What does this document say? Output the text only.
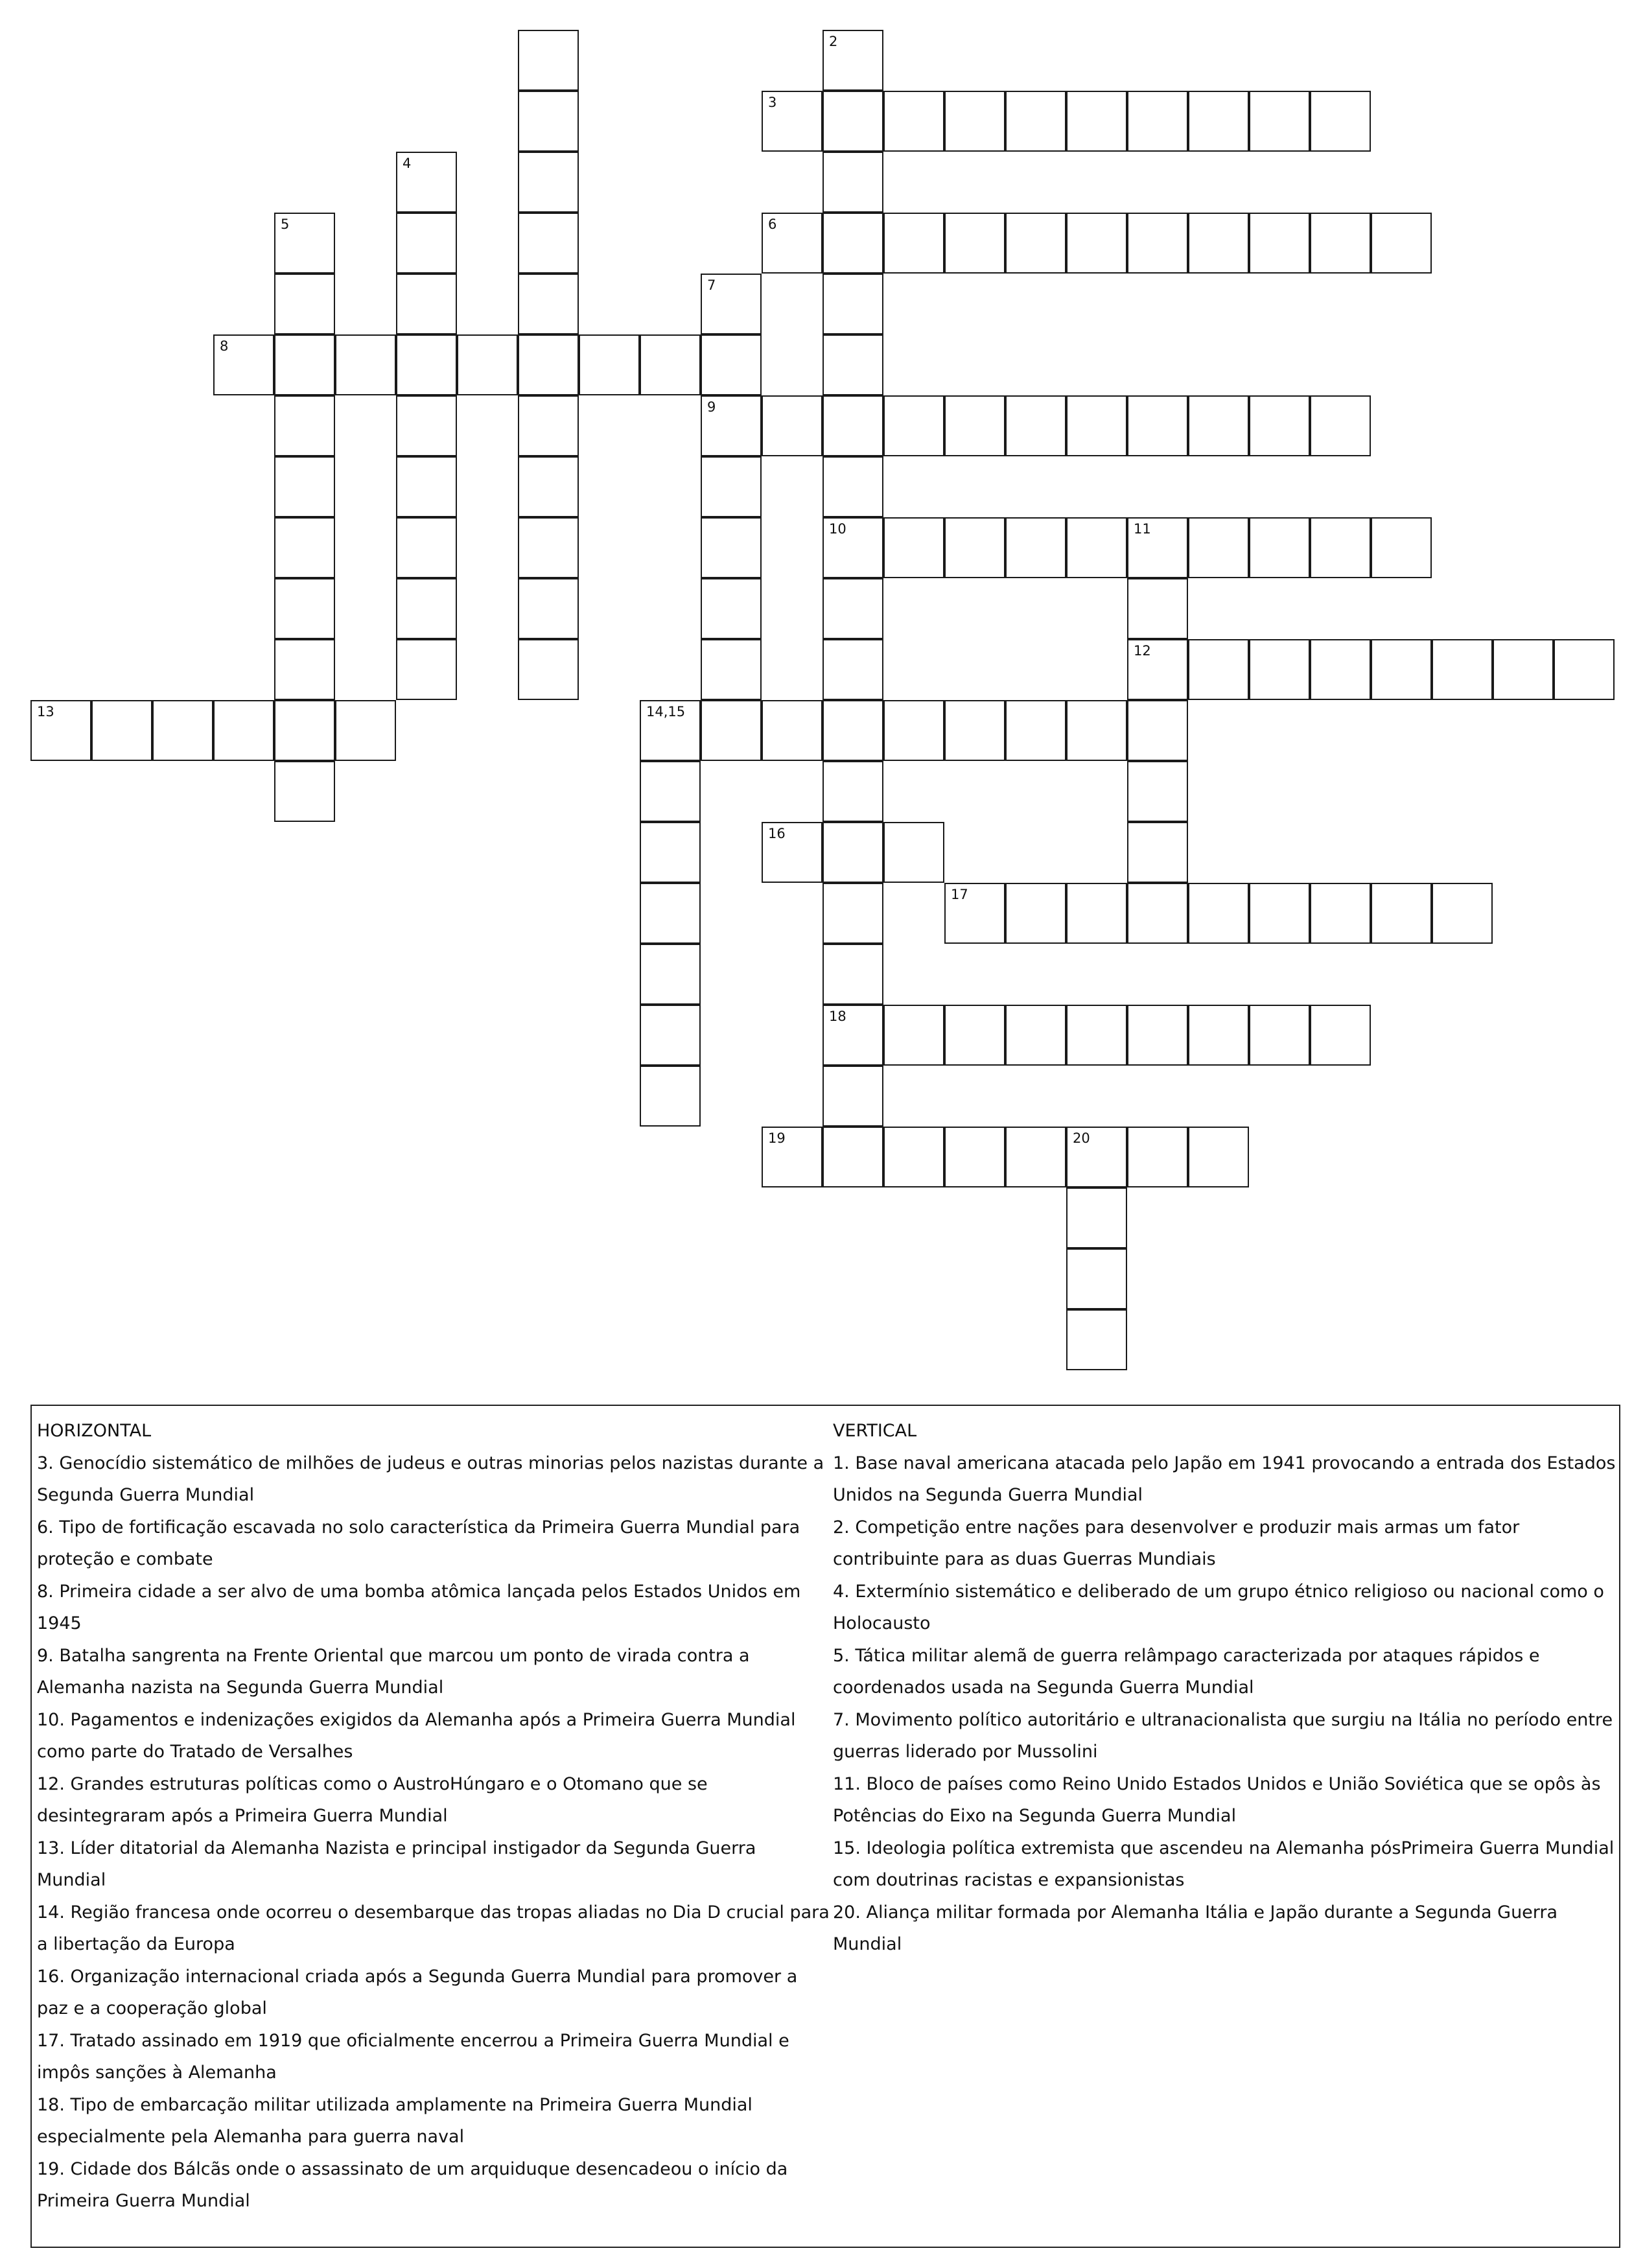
2
3
4
5	6
7
8
9
10	11
12
13	14,15
16
17
18
19	20
HORIZONTAL
3. Genocídio sistemático de milhões de judeus e outras minorias pelos nazistas durante a
Segunda Guerra Mundial
6. Tipo de fortificação escavada no solo característica da Primeira Guerra Mundial para
proteção e combate
8. Primeira cidade a ser alvo de uma bomba atômica lançada pelos Estados Unidos em
1945
9. Batalha sangrenta na Frente Oriental que marcou um ponto de virada contra a
Alemanha nazista na Segunda Guerra Mundial
10. Pagamentos e indenizações exigidos da Alemanha após a Primeira Guerra Mundial
como parte do Tratado de Versalhes
12. Grandes estruturas políticas como o AustroHúngaro e o Otomano que se
desintegraram após a Primeira Guerra Mundial
13. Líder ditatorial da Alemanha Nazista e principal instigador da Segunda Guerra
Mundial
14. Região francesa onde ocorreu o desembarque das tropas aliadas no Dia D crucial para
a libertação da Europa
16. Organização internacional criada após a Segunda Guerra Mundial para promover a
paz e a cooperação global
17. Tratado assinado em 1919 que oficialmente encerrou a Primeira Guerra Mundial e
impôs sanções à Alemanha
18. Tipo de embarcação militar utilizada amplamente na Primeira Guerra Mundial
especialmente pela Alemanha para guerra naval
19. Cidade dos Bálcãs onde o assassinato de um arquiduque desencadeou o início da
Primeira Guerra Mundial
VERTICAL
1. Base naval americana atacada pelo Japão em 1941 provocando a entrada dos Estados
Unidos na Segunda Guerra Mundial
2. Competição entre nações para desenvolver e produzir mais armas um fator
contribuinte para as duas Guerras Mundiais
4. Extermínio sistemático e deliberado de um grupo étnico religioso ou nacional como o
Holocausto
5. Tática militar alemã de guerra relâmpago caracterizada por ataques rápidos e
coordenados usada na Segunda Guerra Mundial
7. Movimento político autoritário e ultranacionalista que surgiu na Itália no período entre
guerras liderado por Mussolini
11. Bloco de países como Reino Unido Estados Unidos e União Soviética que se opôs às
Potências do Eixo na Segunda Guerra Mundial
15. Ideologia política extremista que ascendeu na Alemanha pósPrimeira Guerra Mundial
com doutrinas racistas e expansionistas
20. Aliança militar formada por Alemanha Itália e Japão durante a Segunda Guerra
Mundial
